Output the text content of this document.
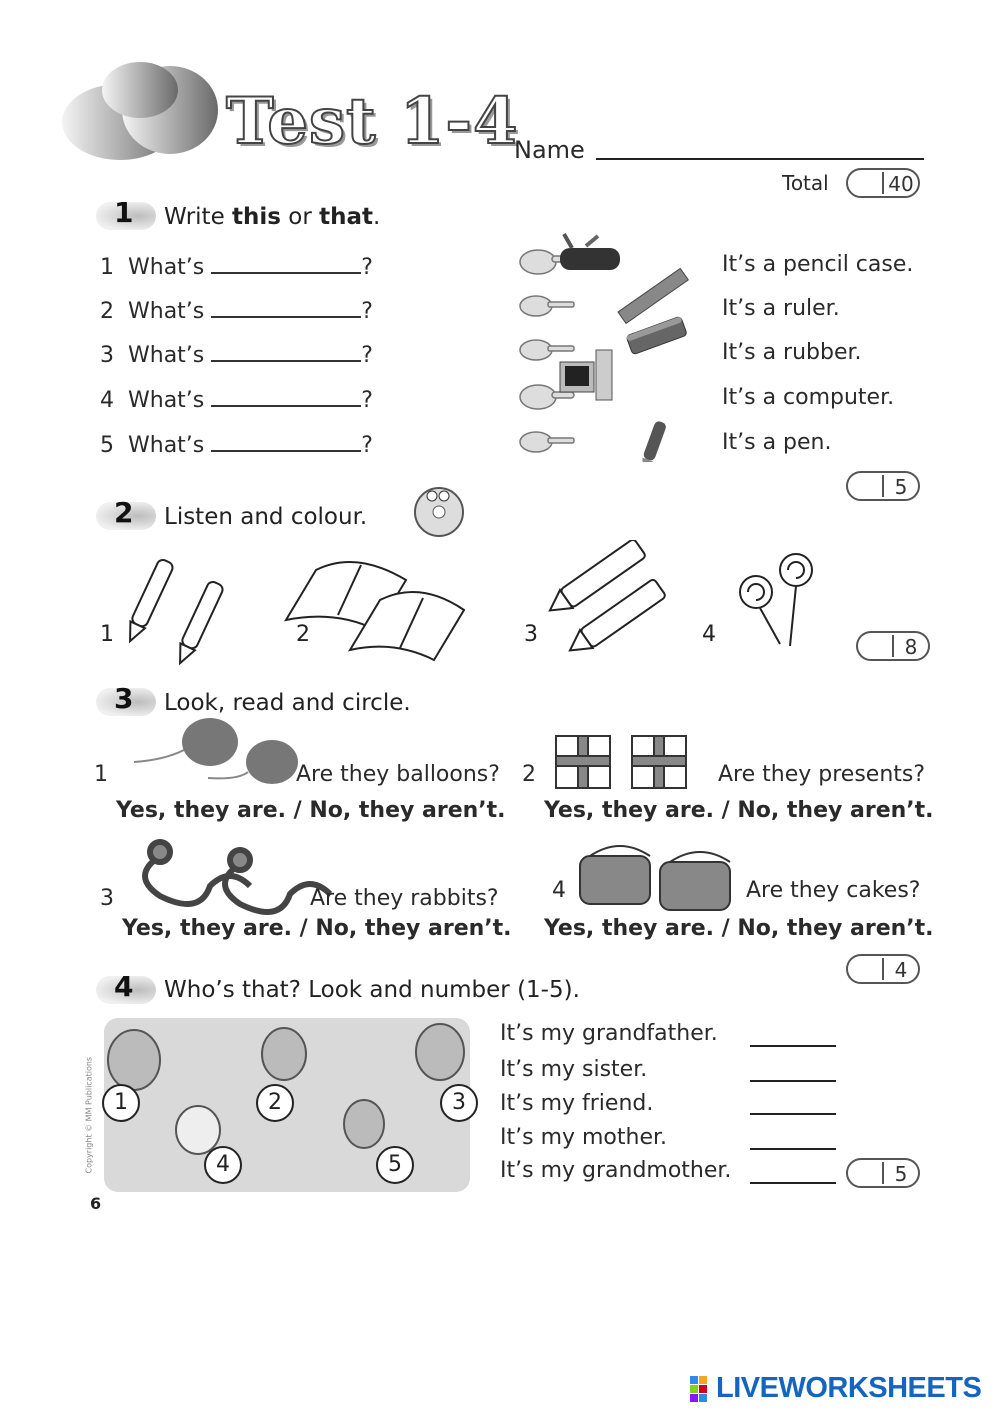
Test 1-4
Name
Total	40
1 Write this or that.
1 What’s	?
2 What’s	?
3 What’s	?
4 What’s	?
5 What’s	?
It’s a pencil case.
It’s a ruler.
It’s a rubber.
It’s a computer.
It’s a pen.
5
2 Listen and colour.
1	2	3	4	8
3 Look, read and circle.
1	Are they balloons?
Yes, they are. / No, they aren’t.
2	Are they presents?
Yes, they are. / No, they aren’t.
3	Are they rabbits?
Yes, they are. / No, they aren’t.
4	Are they cakes?
Yes, they are. / No, they aren’t.
4
4 Who’s that? Look and number (1-5).
1	2	3
4	5
Copyright © MM Publications
It’s my grandfather.
It’s my sister.
It’s my friend.
It’s my mother.
It’s my grandmother.	5
6
LIVEWORKSHEETS
